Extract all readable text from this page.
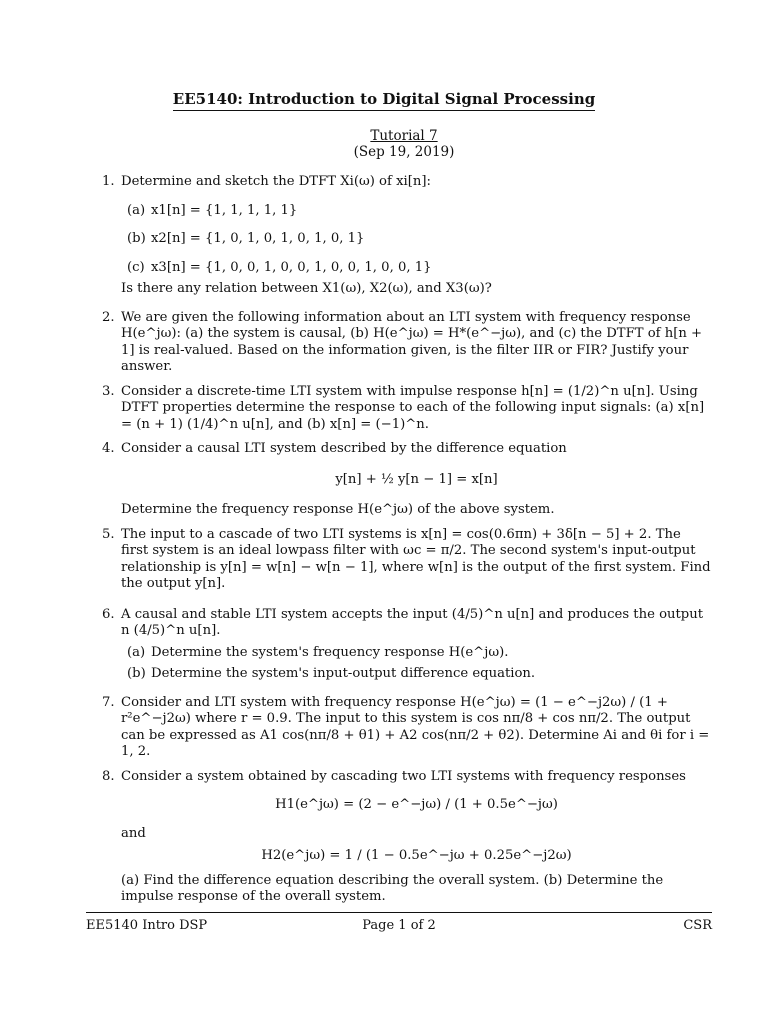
EE5140: Introduction to Digital Signal Processing
Tutorial 7
(Sep 19, 2019)
1. Determine and sketch the DTFT Xi(ω) of xi[n]:
(a) x1[n] = {1, 1, 1, 1, 1}
(b) x2[n] = {1, 0, 1, 0, 1, 0, 1, 0, 1}
(c) x3[n] = {1, 0, 0, 1, 0, 0, 1, 0, 0, 1, 0, 0, 1}
Is there any relation between X1(ω), X2(ω), and X3(ω)?
2. We are given the following information about an LTI system with frequency response H(e^jω): (a) the system is causal, (b) H(e^jω) = H*(e^−jω), and (c) the DTFT of h[n + 1] is real-valued. Based on the information given, is the filter IIR or FIR? Justify your answer.
3. Consider a discrete-time LTI system with impulse response h[n] = (1/2)^n u[n]. Using DTFT properties determine the response to each of the following input signals: (a) x[n] = (n + 1) (1/4)^n u[n], and (b) x[n] = (−1)^n.
4. Consider a causal LTI system described by the difference equation
y[n] + ½ y[n − 1] = x[n]
Determine the frequency response H(e^jω) of the above system.
5. The input to a cascade of two LTI systems is x[n] = cos(0.6πn) + 3δ[n − 5] + 2. The first system is an ideal lowpass filter with ωc = π/2. The second system's input-output relationship is y[n] = w[n] − w[n − 1], where w[n] is the output of the first system. Find the output y[n].
6. A causal and stable LTI system accepts the input (4/5)^n u[n] and produces the output n (4/5)^n u[n].
(a) Determine the system's frequency response H(e^jω).
(b) Determine the system's input-output difference equation.
7. Consider and LTI system with frequency response H(e^jω) = (1 − e^−j2ω) / (1 + r²e^−j2ω) where r = 0.9. The input to this system is cos nπ/8 + cos nπ/2. The output can be expressed as A1 cos(nπ/8 + θ1) + A2 cos(nπ/2 + θ2). Determine Ai and θi for i = 1, 2.
8. Consider a system obtained by cascading two LTI systems with frequency responses
H1(e^jω) = (2 − e^−jω) / (1 + 0.5e^−jω)
and
H2(e^jω) = 1 / (1 − 0.5e^−jω + 0.25e^−j2ω)
(a) Find the difference equation describing the overall system. (b) Determine the impulse response of the overall system.
EE5140 Intro DSP	Page 1 of 2	CSR
